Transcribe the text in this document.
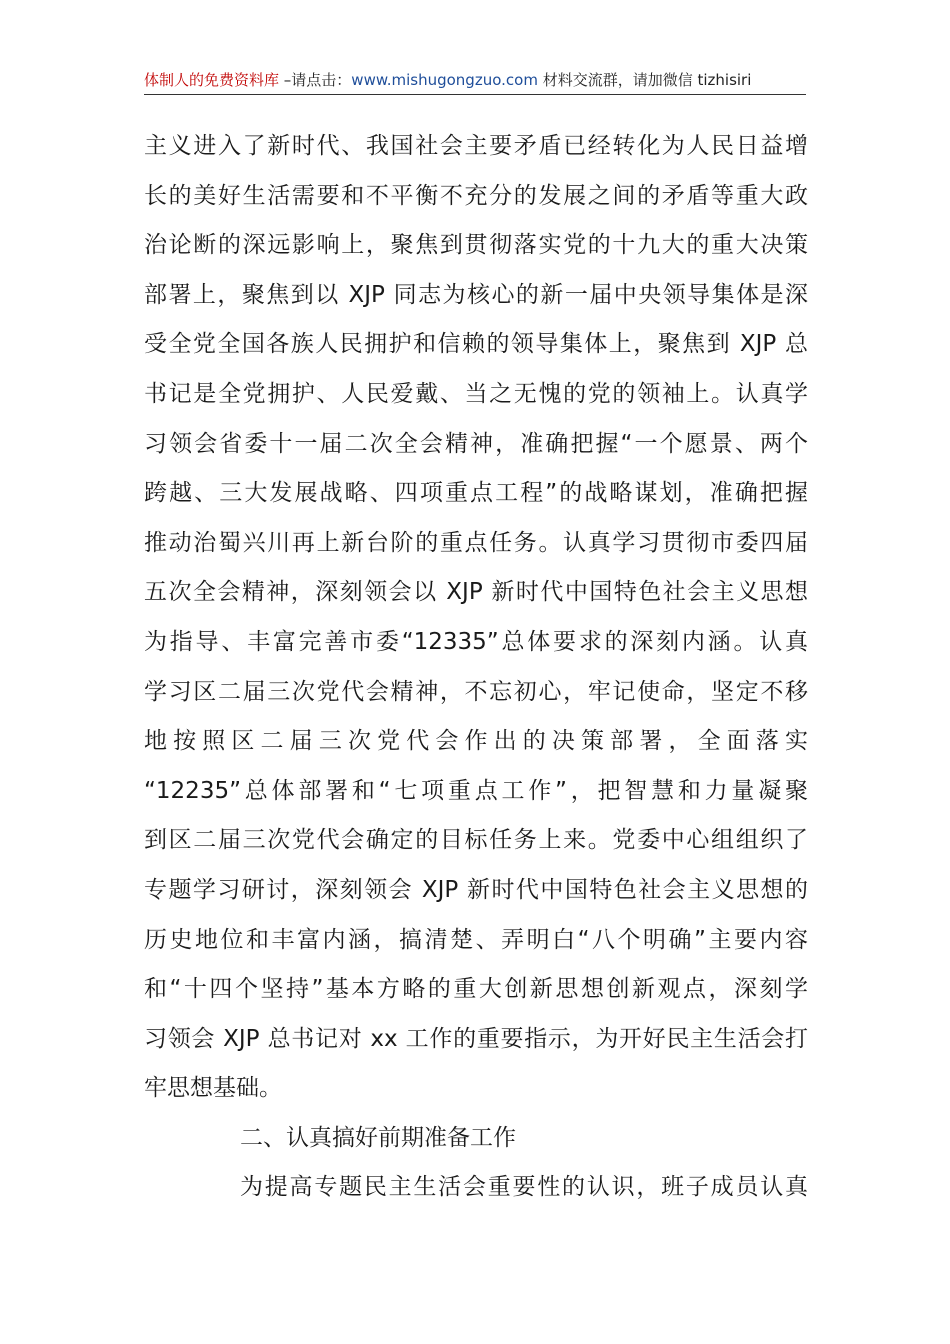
体制人的免费资料库 –请点击：www.mishugongzuo.com 材料交流群，请加微信 tizhisiri
主义进入了新时代、我国社会主要矛盾已经转化为人民日益增
长的美好生活需要和不平衡不充分的发展之间的矛盾等重大政
治论断的深远影响上，聚焦到贯彻落实党的十九大的重大决策
部署上，聚焦到以 XJP 同志为核心的新一届中央领导集体是深
受全党全国各族人民拥护和信赖的领导集体上，聚焦到 XJP 总
书记是全党拥护、人民爱戴、当之无愧的党的领袖上。认真学
习领会省委十一届二次全会精神，准确把握“一个愿景、两个
跨越、三大发展战略、四项重点工程”的战略谋划，准确把握
推动治蜀兴川再上新台阶的重点任务。认真学习贯彻市委四届
五次全会精神，深刻领会以 XJP 新时代中国特色社会主义思想
为指导、丰富完善市委“12335”总体要求的深刻内涵。认真
学习区二届三次党代会精神，不忘初心，牢记使命，坚定不移
地按照区二届三次党代会作出的决策部署，全面落实
“12235”总体部署和“七项重点工作”，把智慧和力量凝聚
到区二届三次党代会确定的目标任务上来。党委中心组组织了
专题学习研讨，深刻领会 XJP 新时代中国特色社会主义思想的
历史地位和丰富内涵，搞清楚、弄明白“八个明确”主要内容
和“十四个坚持”基本方略的重大创新思想创新观点，深刻学
习领会 XJP 总书记对 xx 工作的重要指示，为开好民主生活会打
牢思想基础。
二、认真搞好前期准备工作
为提高专题民主生活会重要性的认识，班子成员认真
